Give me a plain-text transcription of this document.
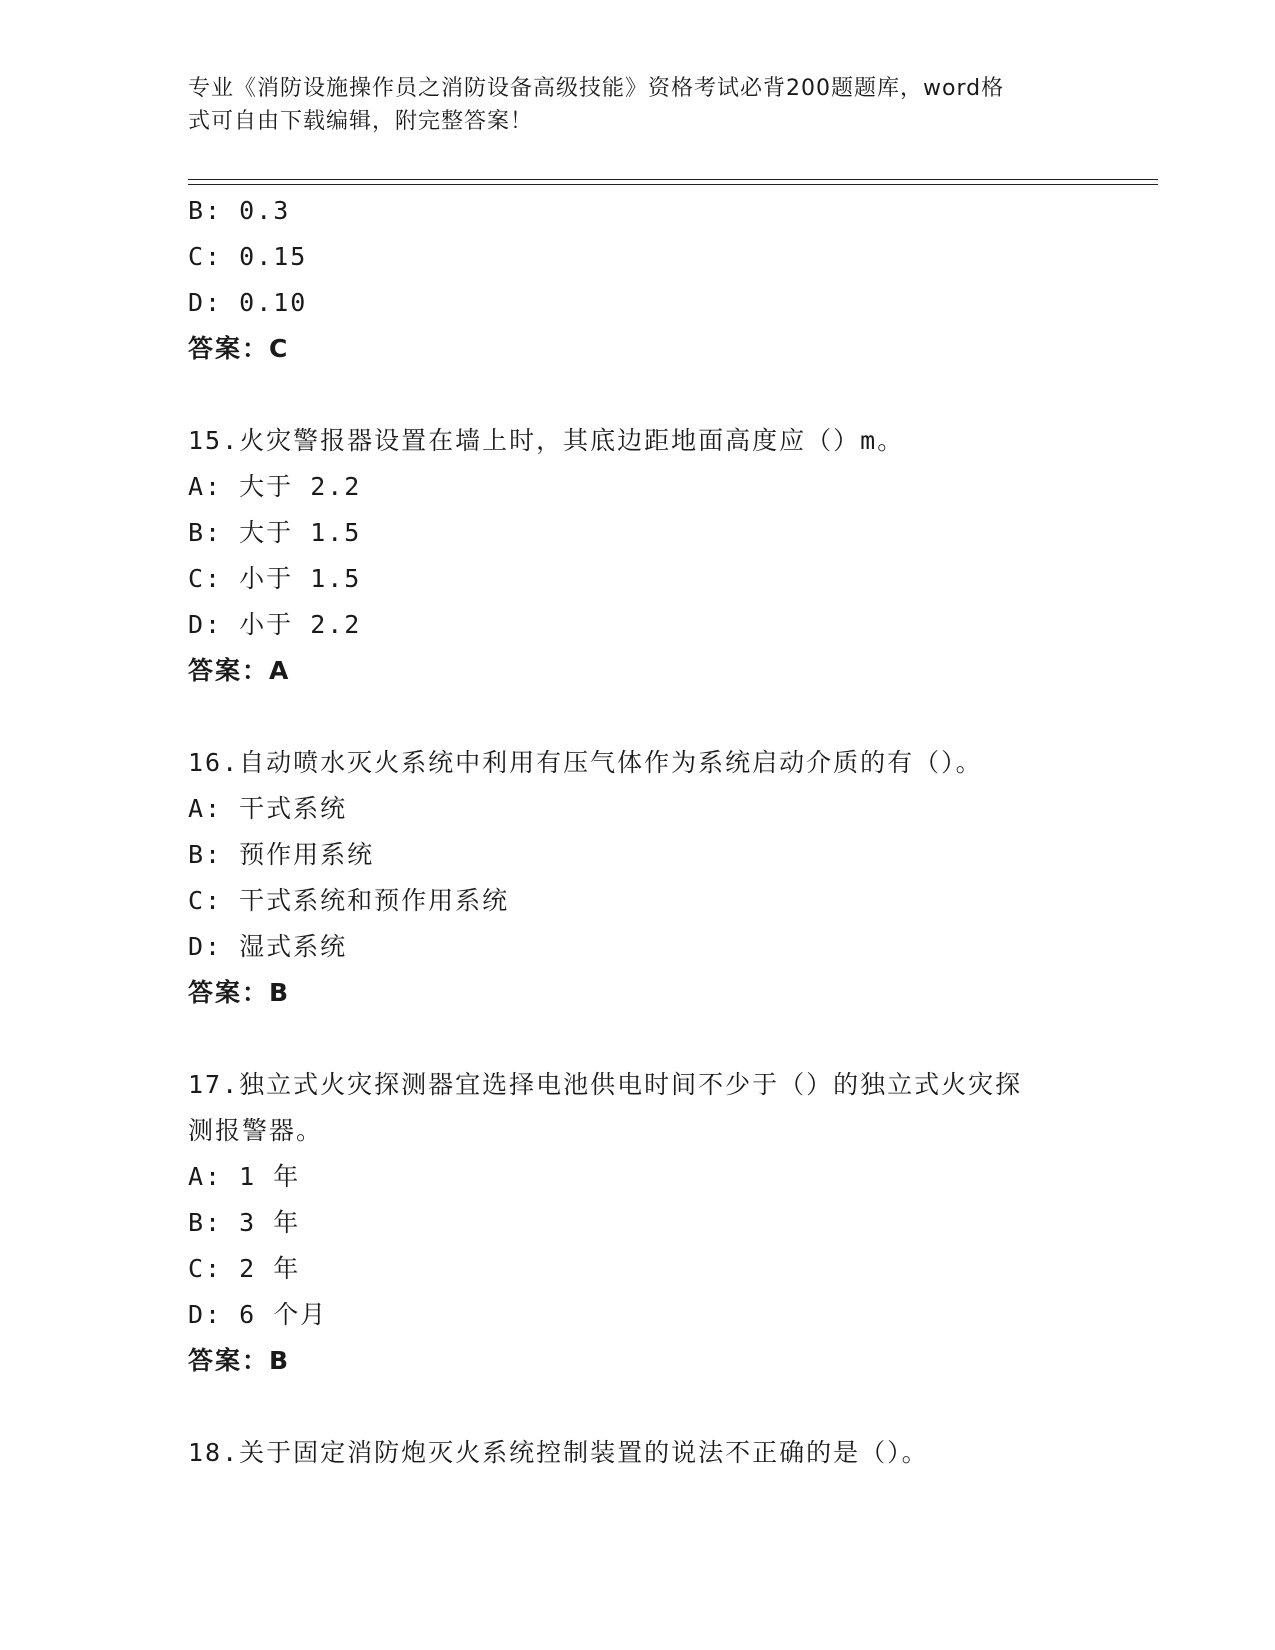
专业《消防设施操作员之消防设备高级技能》资格考试必背200题题库，word格
式可自由下载编辑，附完整答案！
B: 0.3
C: 0.15
D: 0.10
答案：C
15.火灾警报器设置在墙上时，其底边距地面高度应（）m。
A: 大于 2.2
B: 大于 1.5
C: 小于 1.5
D: 小于 2.2
答案：A
16.自动喷水灭火系统中利用有压气体作为系统启动介质的有（）。
A: 干式系统
B: 预作用系统
C: 干式系统和预作用系统
D: 湿式系统
答案：B
17.独立式火灾探测器宜选择电池供电时间不少于（）的独立式火灾探
测报警器。
A: 1 年
B: 3 年
C: 2 年
D: 6 个月
答案：B
18.关于固定消防炮灭火系统控制装置的说法不正确的是（）。
